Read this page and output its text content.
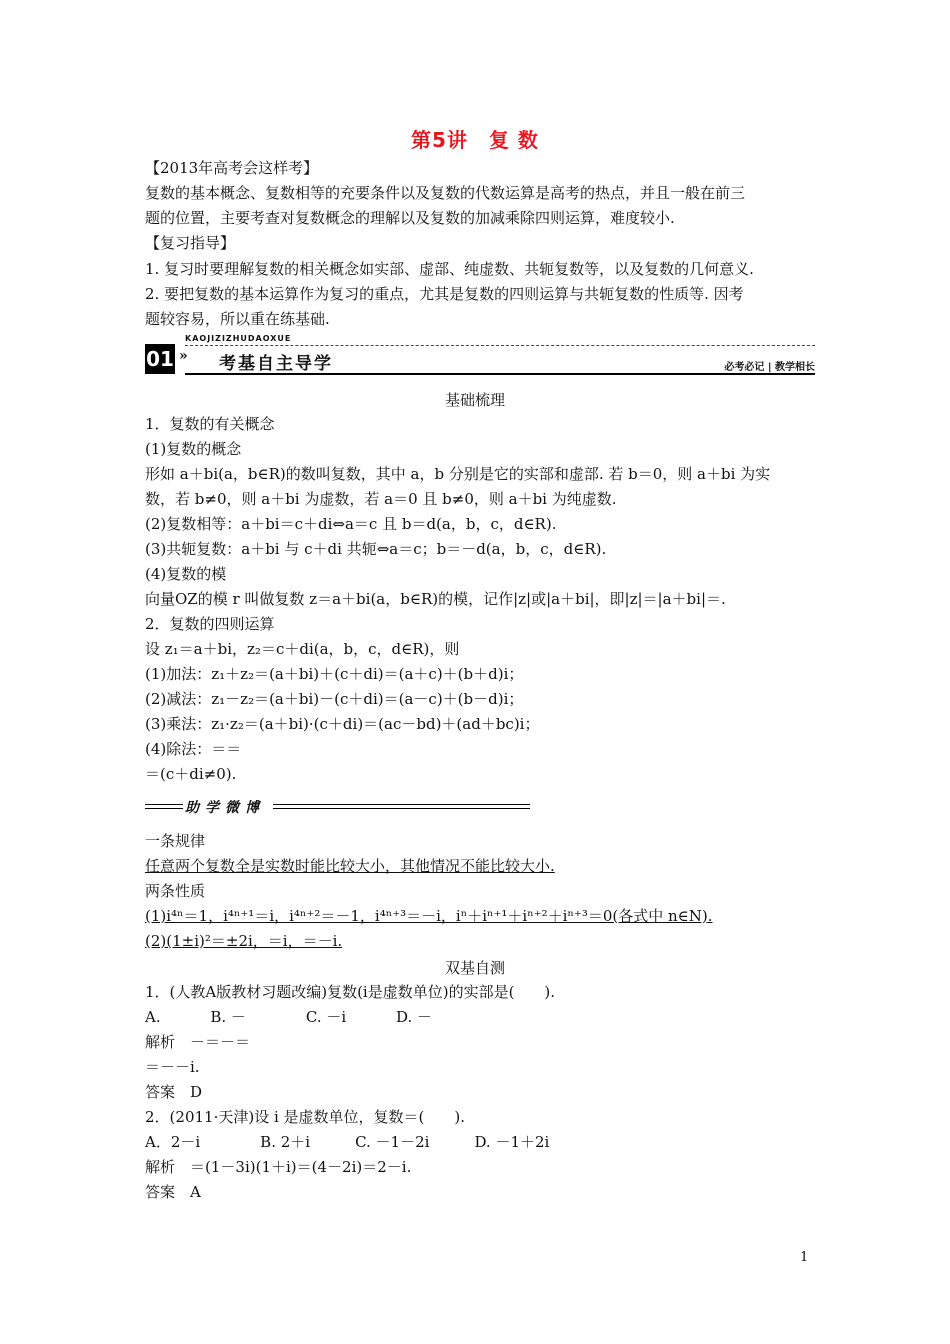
第5讲　复 数
【2013年高考会这样考】
复数的基本概念、复数相等的充要条件以及复数的代数运算是高考的热点，并且一般在前三
题的位置，主要考查对复数概念的理解以及复数的加减乘除四则运算，难度较小.
【复习指导】
1. 复习时要理解复数的相关概念如实部、虚部、纯虚数、共轭复数等，以及复数的几何意义.
2. 要把复数的基本运算作为复习的重点，尤其是复数的四则运算与共轭复数的性质等. 因考
题较容易，所以重在练基础.
KAOJIZIZHUDAOXUE
01 » 考基自主导学	必考必记 | 教学相长
基础梳理
1．复数的有关概念
(1)复数的概念
形如 a＋bi(a，b∈R)的数叫复数，其中 a，b 分别是它的实部和虚部. 若 b＝0，则 a＋bi 为实
数，若 b≠0，则 a＋bi 为虚数，若 a＝0 且 b≠0，则 a＋bi 为纯虚数.
(2)复数相等：a＋bi＝c＋di⇔a＝c 且 b＝d(a，b，c，d∈R).
(3)共轭复数：a＋bi 与 c＋di 共轭⇔a＝c；b＝－d(a，b，c，d∈R).
(4)复数的模
向量OZ的模 r 叫做复数 z＝a＋bi(a，b∈R)的模，记作|z|或|a＋bi|，即|z|＝|a＋bi|＝.
2．复数的四则运算
设 z₁＝a＋bi，z₂＝c＋di(a，b，c，d∈R)，则
(1)加法：z₁＋z₂＝(a＋bi)＋(c＋di)＝(a＋c)＋(b＋d)i；
(2)减法：z₁－z₂＝(a＋bi)－(c＋di)＝(a－c)＋(b－d)i；
(3)乘法：z₁·z₂＝(a＋bi)·(c＋di)＝(ac－bd)＋(ad＋bc)i；
(4)除法：＝＝
＝(c＋di≠0).
助学微博
一条规律
任意两个复数全是实数时能比较大小，其他情况不能比较大小.
两条性质
(1)i⁴ⁿ＝1，i⁴ⁿ⁺¹＝i，i⁴ⁿ⁺²＝－1，i⁴ⁿ⁺³＝－i，iⁿ＋iⁿ⁺¹＋iⁿ⁺²＋iⁿ⁺³＝0(各式中 n∈N).
(2)(1±i)²＝±2i，＝i，＝－i.
双基自测
1．(人教A版教材习题改编)复数(i是虚数单位)的实部是(　　).
A.　　　 B. －　　　　C. －i　　　 D. －
解析　－＝－＝
＝－－i.
答案　D
2．(2011·天津)设 i 是虚数单位，复数＝(　　).
A．2－i　　　　B. 2＋i　　　C. －1－2i　　　D. －1＋2i
解析　＝(1－3i)(1＋i)＝(4－2i)＝2－i.
答案　A
1
